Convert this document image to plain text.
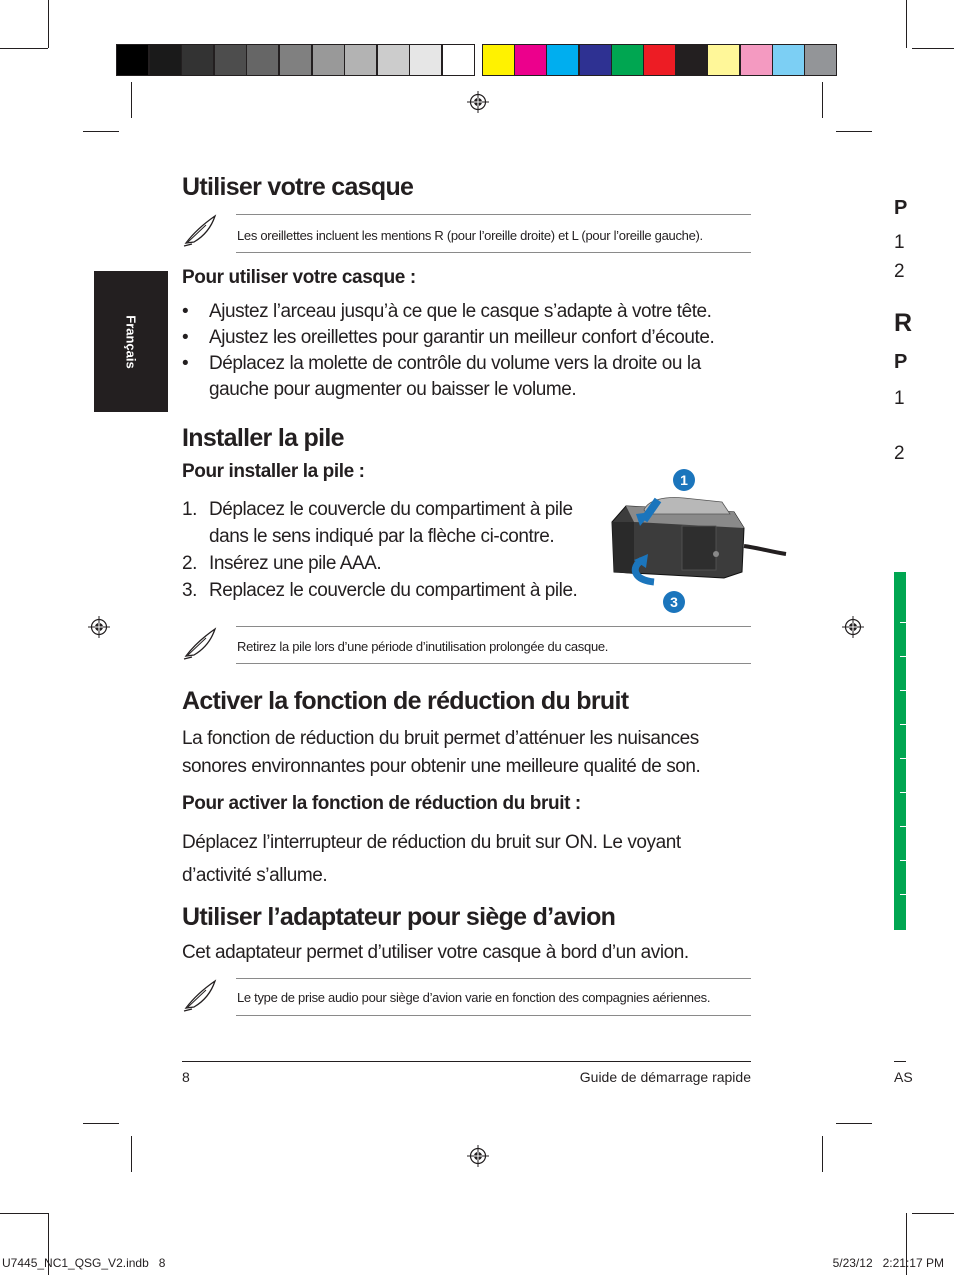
Français
Utiliser votre casque
Les oreillettes incluent les mentions R (pour l’oreille droite) et L (pour l’oreille gauche).
Pour utiliser votre casque :
• Ajustez l’arceau jusqu’à ce que le casque s’adapte à votre tête.
• Ajustez les oreillettes pour garantir un meilleur confort d’écoute.
• Déplacez la molette de contrôle du volume vers la droite ou la
gauche pour augmenter ou baisser le volume.
Installer la pile
Pour installer la pile :
1. Déplacez le couvercle du compartiment à pile
dans le sens indiqué par la flèche ci-contre.
2. Insérez une pile AAA.
3. Replacez le couvercle du compartiment à pile.
1
3
Retirez la pile lors d’une période d’inutilisation prolongée du casque.
Activer la fonction de réduction du bruit
La fonction de réduction du bruit permet d’atténuer les nuisances
sonores environnantes pour obtenir une meilleure qualité de son.
Pour activer la fonction de réduction du bruit :
Déplacez l’interrupteur de réduction du bruit sur ON. Le voyant
d’activité s’allume.
Utiliser l’adaptateur pour siège d’avion
Cet adaptateur permet d’utiliser votre casque à bord d’un avion.
Le type de prise audio pour siège d’avion varie en fonction des compagnies aériennes.
8	Guide de démarrage rapide	AS
P
1
2
R
P
1
2
U7445_NC1_QSG_V2.indb   8	5/23/12   2:21:17 PM
